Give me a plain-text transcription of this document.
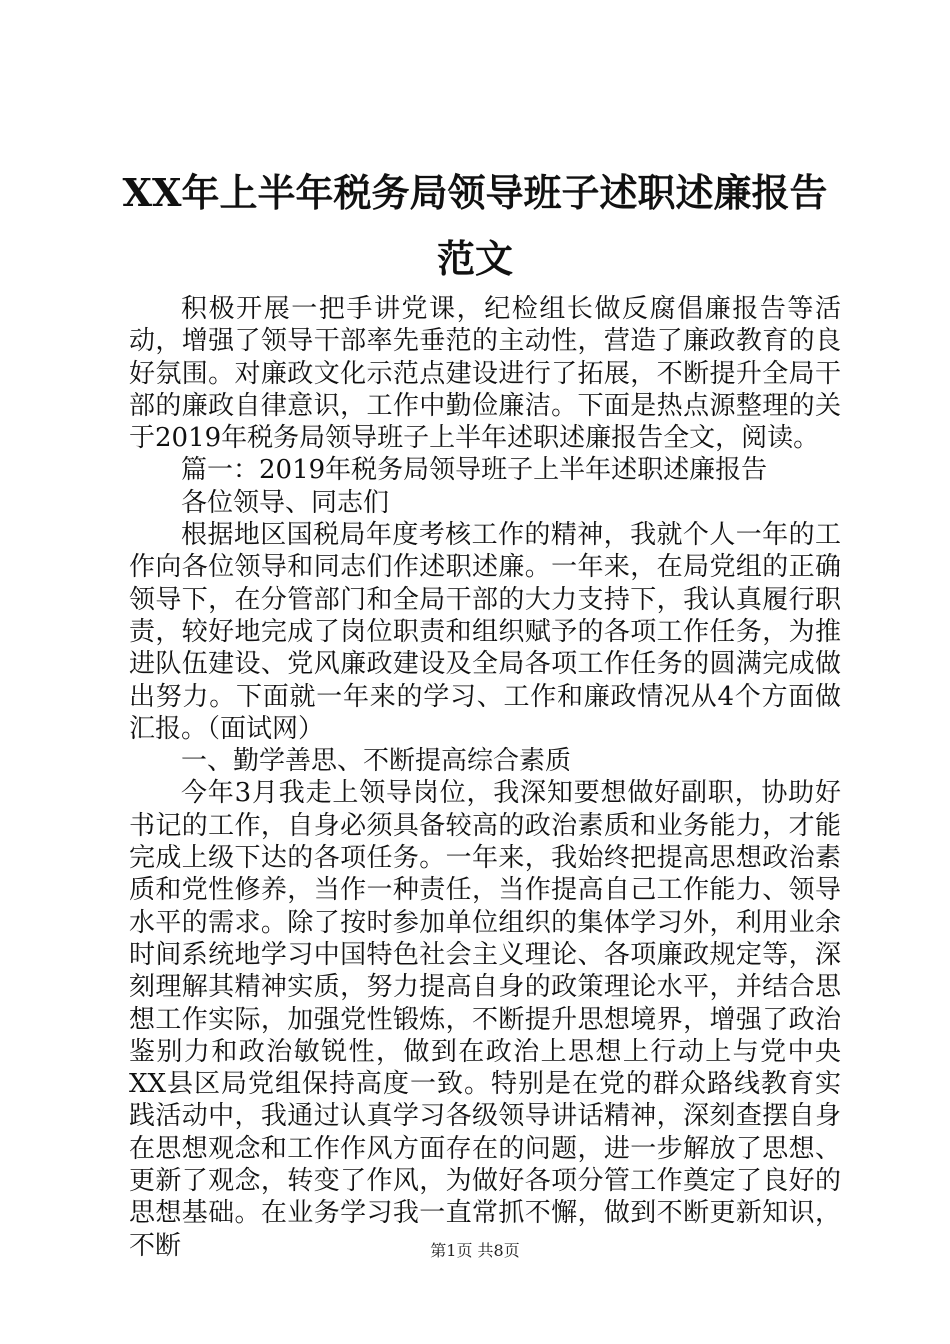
XX年上半年税务局领导班子述职述廉报告范文

积极开展一把手讲党课，纪检组长做反腐倡廉报告等活动，增强了领导干部率先垂范的主动性，营造了廉政教育的良好氛围。对廉政文化示范点建设进行了拓展，不断提升全局干部的廉政自律意识，工作中勤俭廉洁。下面是热点源整理的关于2019年税务局领导班子上半年述职述廉报告全文，阅读。

篇一：2019年税务局领导班子上半年述职述廉报告

各位领导、同志们

根据地区国税局年度考核工作的精神，我就个人一年的工作向各位领导和同志们作述职述廉。一年来，在局党组的正确领导下，在分管部门和全局干部的大力支持下，我认真履行职责，较好地完成了岗位职责和组织赋予的各项工作任务，为推进队伍建设、党风廉政建设及全局各项工作任务的圆满完成做出努力。下面就一年来的学习、工作和廉政情况从4个方面做汇报。（面试网）

一、勤学善思、不断提高综合素质

今年3月我走上领导岗位，我深知要想做好副职，协助好书记的工作，自身必须具备较高的政治素质和业务能力，才能完成上级下达的各项任务。一年来，我始终把提高思想政治素质和党性修养，当作一种责任，当作提高自己工作能力、领导水平的需求。除了按时参加单位组织的集体学习外，利用业余时间系统地学习中国特色社会主义理论、各项廉政规定等，深刻理解其精神实质，努力提高自身的政策理论水平，并结合思想工作实际，加强党性锻炼，不断提升思想境界，增强了政治鉴别力和政治敏锐性，做到在政治上思想上行动上与党中央XX县区局党组保持高度一致。特别是在党的群众路线教育实践活动中，我通过认真学习各级领导讲话精神，深刻查摆自身在思想观念和工作作风方面存在的问题，进一步解放了思想、更新了观念，转变了作风，为做好各项分管工作奠定了良好的思想基础。在业务学习我一直常抓不懈，做到不断更新知识，不断	第1页 共8页
